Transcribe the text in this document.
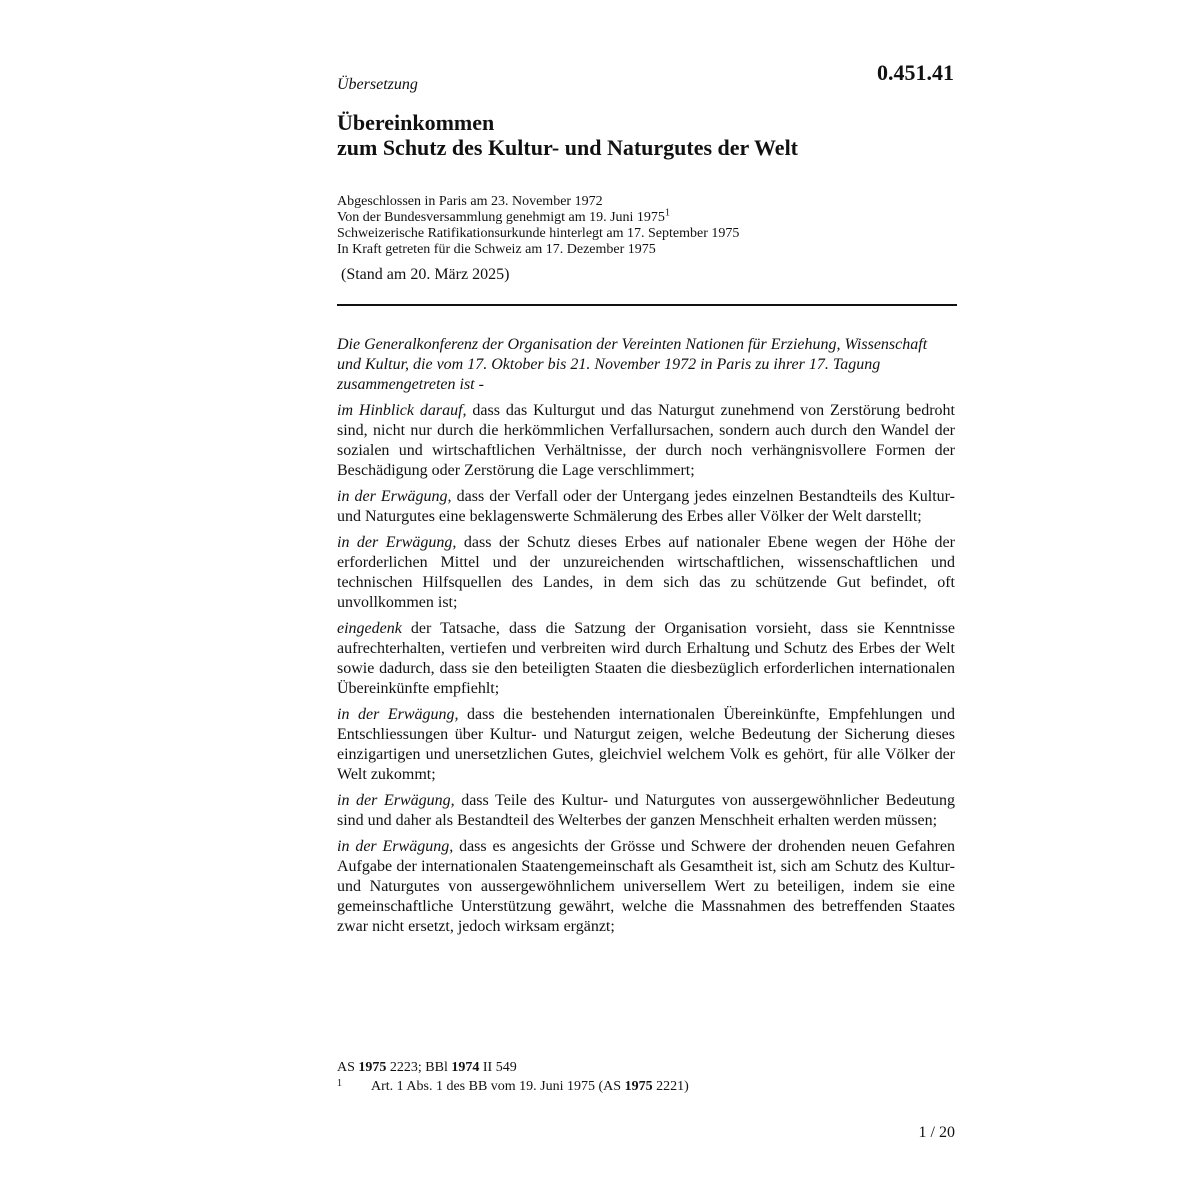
Übersetzung	0.451.41
Übereinkommen
zum Schutz des Kultur- und Naturgutes der Welt
Abgeschlossen in Paris am 23. November 1972
Von der Bundesversammlung genehmigt am 19. Juni 1975$^1$
Schweizerische Ratifikationsurkunde hinterlegt am 17. September 1975
In Kraft getreten für die Schweiz am 17. Dezember 1975
(Stand am 20. März 2025)

Die Generalkonferenz der Organisation der Vereinten Nationen für Erziehung, Wissenschaft und Kultur, die vom 17. Oktober bis 21. November 1972 in Paris zu ihrer 17. Tagung zusammengetreten ist -

im Hinblick darauf, dass das Kulturgut und das Naturgut zunehmend von Zerstörung bedroht sind, nicht nur durch die herkömmlichen Verfallursachen, sondern auch durch den Wandel der sozialen und wirtschaftlichen Verhältnisse, der durch noch verhängnisvollere Formen der Beschädigung oder Zerstörung die Lage verschlimmert;

in der Erwägung, dass der Verfall oder der Untergang jedes einzelnen Bestandteils des Kultur- und Naturgutes eine beklagenswerte Schmälerung des Erbes aller Völker der Welt darstellt;

in der Erwägung, dass der Schutz dieses Erbes auf nationaler Ebene wegen der Höhe der erforderlichen Mittel und der unzureichenden wirtschaftlichen, wissenschaftlichen und technischen Hilfsquellen des Landes, in dem sich das zu schützende Gut befindet, oft unvollkommen ist;

eingedenk der Tatsache, dass die Satzung der Organisation vorsieht, dass sie Kenntnisse aufrechterhalten, vertiefen und verbreiten wird durch Erhaltung und Schutz des Erbes der Welt sowie dadurch, dass sie den beteiligten Staaten die diesbezüglich erforderlichen internationalen Übereinkünfte empfiehlt;

in der Erwägung, dass die bestehenden internationalen Übereinkünfte, Empfehlungen und Entschliessungen über Kultur- und Naturgut zeigen, welche Bedeutung der Sicherung dieses einzigartigen und unersetzlichen Gutes, gleichviel welchem Volk es gehört, für alle Völker der Welt zukommt;

in der Erwägung, dass Teile des Kultur- und Naturgutes von aussergewöhnlicher Bedeutung sind und daher als Bestandteil des Welterbes der ganzen Menschheit erhalten werden müssen;

in der Erwägung, dass es angesichts der Grösse und Schwere der drohenden neuen Gefahren Aufgabe der internationalen Staatengemeinschaft als Gesamtheit ist, sich am Schutz des Kultur- und Naturgutes von aussergewöhnlichem universellem Wert zu beteiligen, indem sie eine gemeinschaftliche Unterstützung gewährt, welche die Massnahmen des betreffenden Staates zwar nicht ersetzt, jedoch wirksam ergänzt;

AS 1975 2223; BBl 1974 II 549
1	Art. 1 Abs. 1 des BB vom 19. Juni 1975 (AS 1975 2221)
1 / 20
